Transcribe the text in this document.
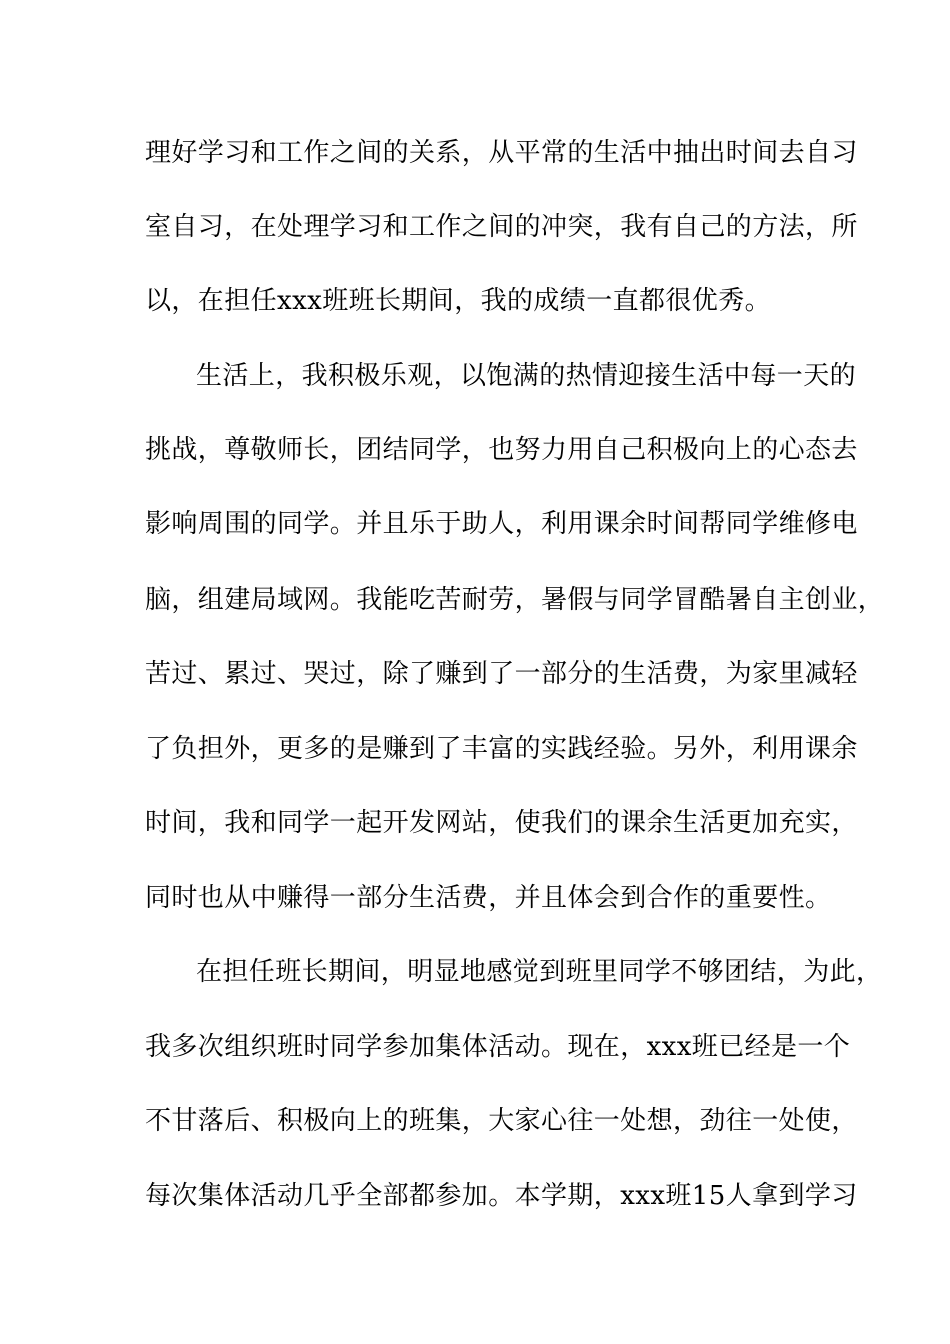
理好学习和工作之间的关系，从平常的生活中抽出时间去自习
室自习，在处理学习和工作之间的冲突，我有自己的方法，所
以，在担任xxx班班长期间，我的成绩一直都很优秀。
生活上，我积极乐观，以饱满的热情迎接生活中每一天的
挑战，尊敬师长，团结同学，也努力用自己积极向上的心态去
影响周围的同学。并且乐于助人，利用课余时间帮同学维修电
脑，组建局域网。我能吃苦耐劳，暑假与同学冒酷暑自主创业，
苦过、累过、哭过，除了赚到了一部分的生活费，为家里减轻
了负担外，更多的是赚到了丰富的实践经验。另外，利用课余
时间，我和同学一起开发网站，使我们的课余生活更加充实，
同时也从中赚得一部分生活费，并且体会到合作的重要性。
在担任班长期间，明显地感觉到班里同学不够团结，为此，
我多次组织班时同学参加集体活动。现在，xxx班已经是一个
不甘落后、积极向上的班集，大家心往一处想，劲往一处使，
每次集体活动几乎全部都参加。本学期，xxx班15人拿到学习
